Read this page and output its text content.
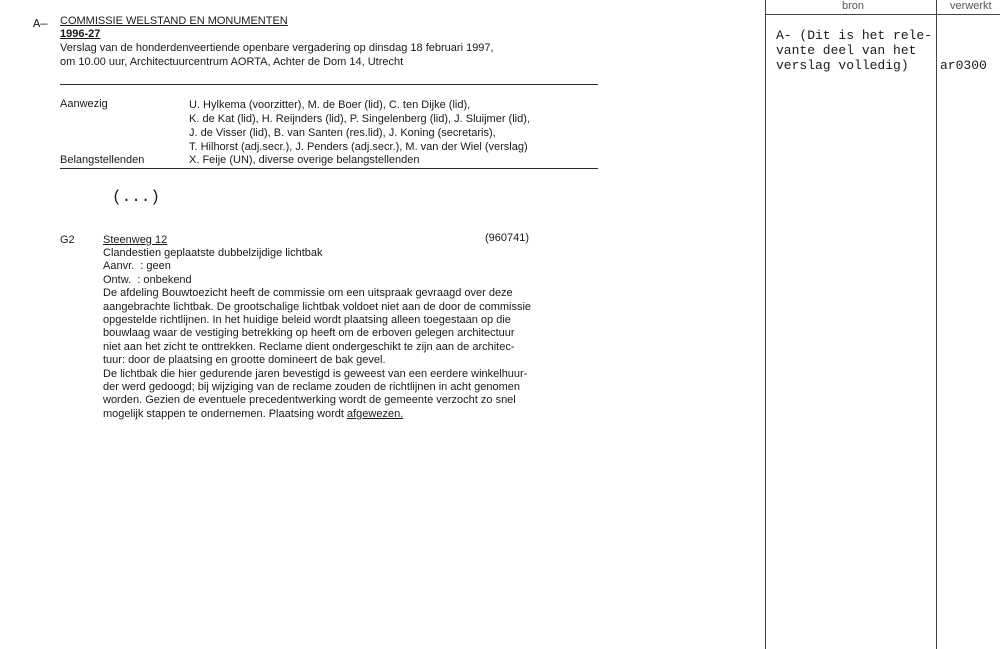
bron	verwerkt
A- (Dit is het rele-
vante deel van het
verslag volledig)	ar0300
A— COMMISSIE WELSTAND EN MONUMENTEN
1996-27
Verslag van de honderdenveertiende openbare vergadering op dinsdag 18 februari 1997,
om 10.00 uur, Architectuurcentrum AORTA, Achter de Dom 14, Utrecht
Aanwezig	U. Hylkema (voorzitter), M. de Boer (lid), C. ten Dijke (lid),
K. de Kat (lid), H. Reijnders (lid), P. Singelenberg (lid), J. Sluijmer (lid),
J. de Visser (lid), B. van Santen (res.lid), J. Koning (secretaris),
T. Hilhorst (adj.secr.), J. Penders (adj.secr.), M. van der Wiel (verslag)
Belangstellenden	X. Feije (UN), diverse overige belangstellenden
(...)
G2	Steenweg 12	(960741)
Clandestien geplaatste dubbelzijdige lichtbak
Aanvr.  : geen
Ontw.  : onbekend
De afdeling Bouwtoezicht heeft de commissie om een uitspraak gevraagd over deze
aangebrachte lichtbak. De grootschalige lichtbak voldoet niet aan de door de commissie
opgestelde richtlijnen. In het huidige beleid wordt plaatsing alleen toegestaan op die
bouwlaag waar de vestiging betrekking op heeft om de erboven gelegen architectuur
niet aan het zicht te onttrekken. Reclame dient ondergeschikt te zijn aan de architec-
tuur: door de plaatsing en grootte domineert de bak gevel.
De lichtbak die hier gedurende jaren bevestigd is geweest van een eerdere winkelhuur-
der werd gedoogd; bij wijziging van de reclame zouden de richtlijnen in acht genomen
worden. Gezien de eventuele precedentwerking wordt de gemeente verzocht zo snel
mogelijk stappen te ondernemen. Plaatsing wordt afgewezen.
